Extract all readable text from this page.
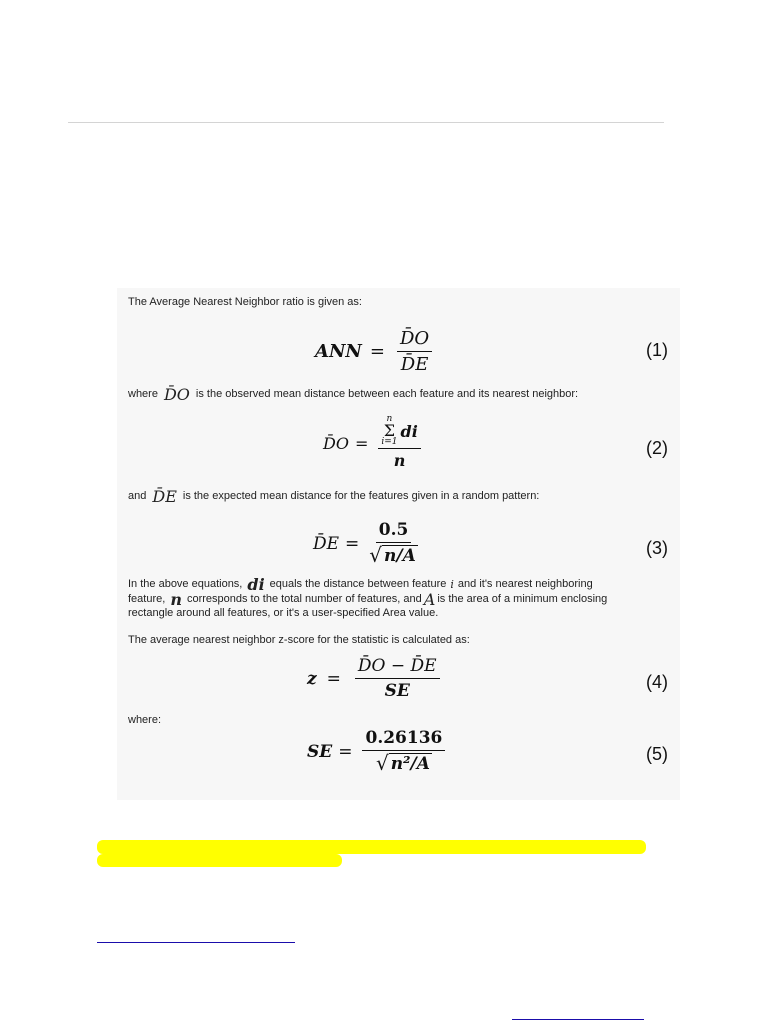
The Average Nearest Neighbor ratio is given as:
ANN = $\frac{D̄O}{D̄E}$	(1)
where D̄O is the observed mean distance between each feature and its nearest neighbor:
D̄O = n
Σ
i=1
di
n	(2)
and D̄E is the expected mean distance for the features given in a random pattern:
D̄E = $\frac{0.5}{√ n/A}$	(3)
In the above equations, di equals the distance between feature i and it's nearest neighboring
feature, n corresponds to the total number of features, and A is the area of a minimum enclosing
rectangle around all features, or it's a user-specified Area value.
The average nearest neighbor z-score for the statistic is calculated as:
$z = \frac{D̄O - D̄E}{SE}$	(4)
where:
SE = $\frac{0.26136}{\text{√ n²/A}}$	(5)
